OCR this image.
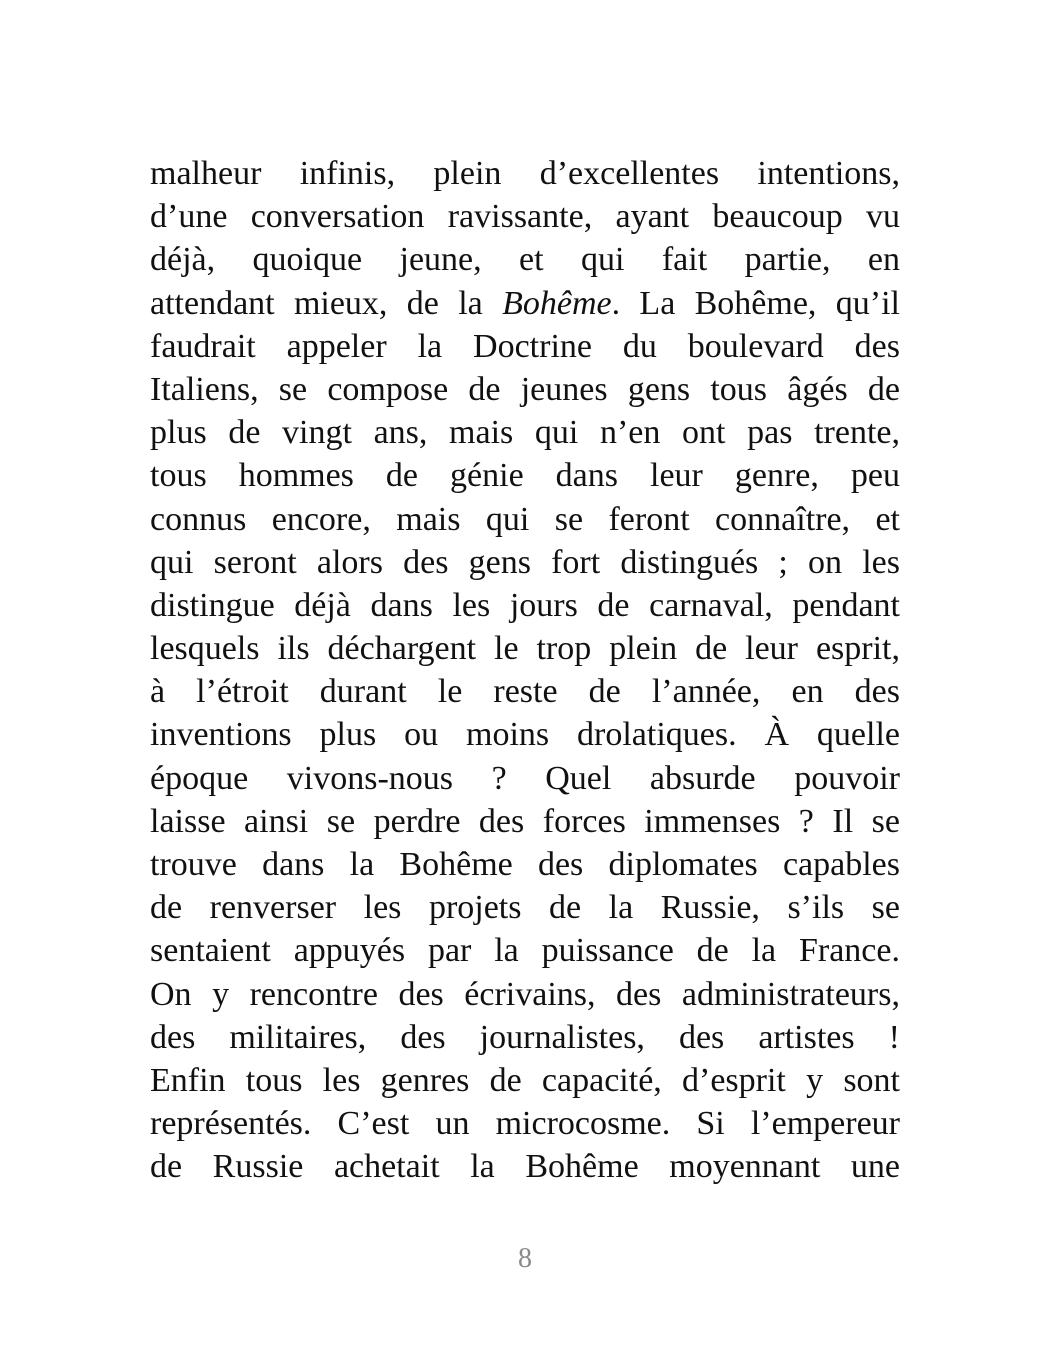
malheur infinis, plein d’excellentes intentions,
d’une conversation ravissante, ayant beaucoup vu
déjà, quoique jeune, et qui fait partie, en
attendant mieux, de la Bohême. La Bohême, qu’il
faudrait appeler la Doctrine du boulevard des
Italiens, se compose de jeunes gens tous âgés de
plus de vingt ans, mais qui n’en ont pas trente,
tous hommes de génie dans leur genre, peu
connus encore, mais qui se feront connaître, et
qui seront alors des gens fort distingués ; on les
distingue déjà dans les jours de carnaval, pendant
lesquels ils déchargent le trop plein de leur esprit,
à l’étroit durant le reste de l’année, en des
inventions plus ou moins drolatiques. À quelle
époque vivons-nous ? Quel absurde pouvoir
laisse ainsi se perdre des forces immenses ? Il se
trouve dans la Bohême des diplomates capables
de renverser les projets de la Russie, s’ils se
sentaient appuyés par la puissance de la France.
On y rencontre des écrivains, des administrateurs,
des militaires, des journalistes, des artistes !
Enfin tous les genres de capacité, d’esprit y sont
représentés. C’est un microcosme. Si l’empereur
de Russie achetait la Bohême moyennant une
8
